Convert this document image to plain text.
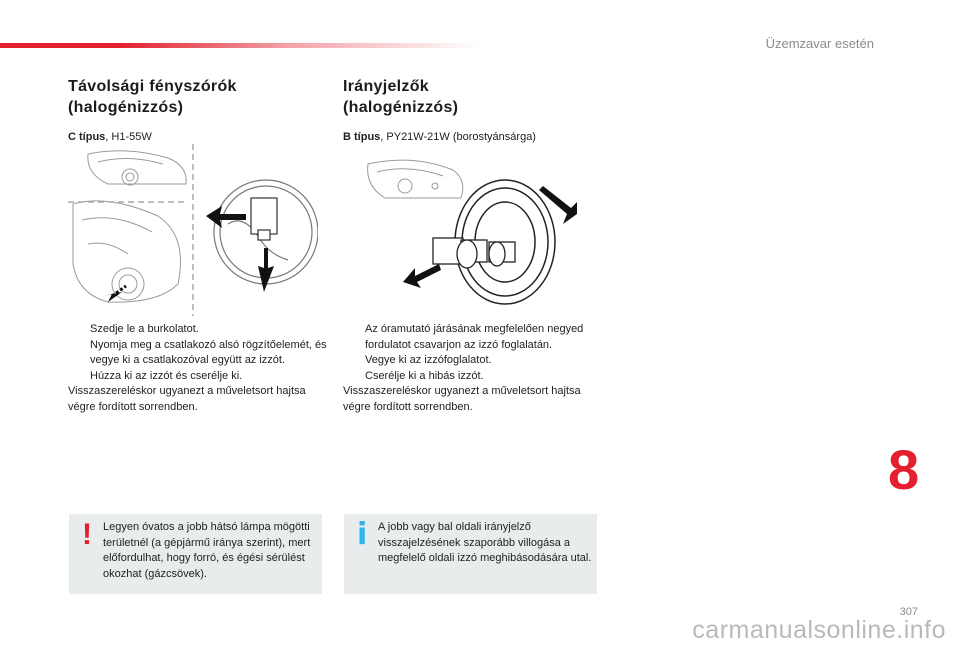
Üzemzavar esetén
Távolsági fényszórók
(halogénizzós)
C típus, H1-55W
Szedje le a burkolatot.
Nyomja meg a csatlakozó alsó rögzítőelemét, és vegye ki a csatlakozóval együtt az izzót.
Húzza ki az izzót és cserélje ki.
Visszaszereléskor ugyanezt a műveletsort hajtsa végre fordított sorrendben.
Irányjelzők
(halogénizzós)
B típus, PY21W-21W (borostyánsárga)
Az óramutató járásának megfelelően negyed fordulatot csavarjon az izzó foglalatán.
Vegye ki az izzófoglalatot.
Cserélje ki a hibás izzót.
Visszaszereléskor ugyanezt a műveletsort hajtsa végre fordított sorrendben.
! Legyen óvatos a jobb hátsó lámpa mögötti területnél (a gépjármű iránya szerint), mert előfordulhat, hogy forró, és égési sérülést okozhat (gázcsövek).
i A jobb vagy bal oldali irányjelző visszajelzésének szaporább villogása a megfelelő oldali izzó meghibásodására utal.
8
307
carmanualsonline.info
